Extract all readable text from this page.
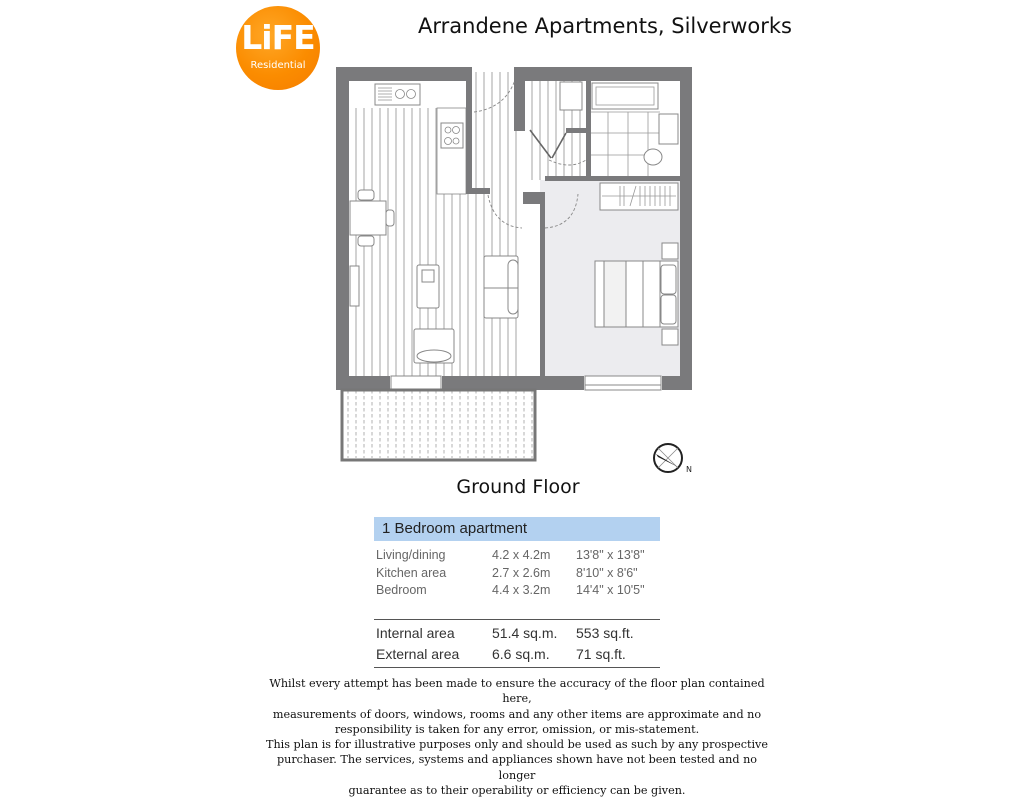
LiFE
Residential
Arrandene Apartments, Silverworks
N
Ground Floor
1 Bedroom apartment
Living/dining	4.2 x 4.2m	13'8" x 13'8"
Kitchen area	2.7 x 2.6m	8'10" x 8'6"
Bedroom	4.4 x 3.2m	14'4" x 10'5"
Internal area	51.4 sq.m.	553 sq.ft.
External area	6.6 sq.m.	71 sq.ft.

Whilst every attempt has been made to ensure the accuracy of the floor plan contained here,

measurements of doors, windows, rooms and any other items are approximate and no

responsibility is taken for any error, omission, or mis-statement.

This plan is for illustrative purposes only and should be used as such by any prospective

purchaser. The services, systems and appliances shown have not been tested and no longer

guarantee as to their operability or efficiency can be given.
